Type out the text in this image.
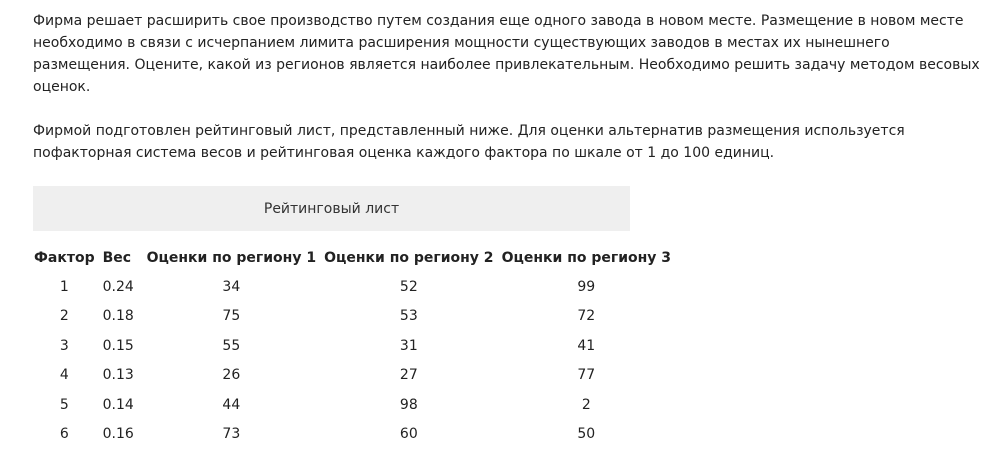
Фирма решает расширить свое производство путем создания еще одного завода в новом месте. Размещение в новом месте необходимо в связи с исчерпанием лимита расширения мощности существующих заводов в местах их нынешнего размещения. Оцените, какой из регионов является наиболее привлекательным. Необходимо решить задачу методом весовых оценок.

Фирмой подготовлен рейтинговый лист, представленный ниже. Для оценки альтернатив размещения используется пофакторная система весов и рейтинговая оценка каждого фактора по шкале от 1 до 100 единиц.

Рейтинговый лист
Фактор	Вес	Оценки по региону 1	Оценки по региону 2	Оценки по региону 3
1	0.24	34	52	99
2	0.18	75	53	72
3	0.15	55	31	41
4	0.13	26	27	77
5	0.14	44	98	2
6	0.16	73	60	50
